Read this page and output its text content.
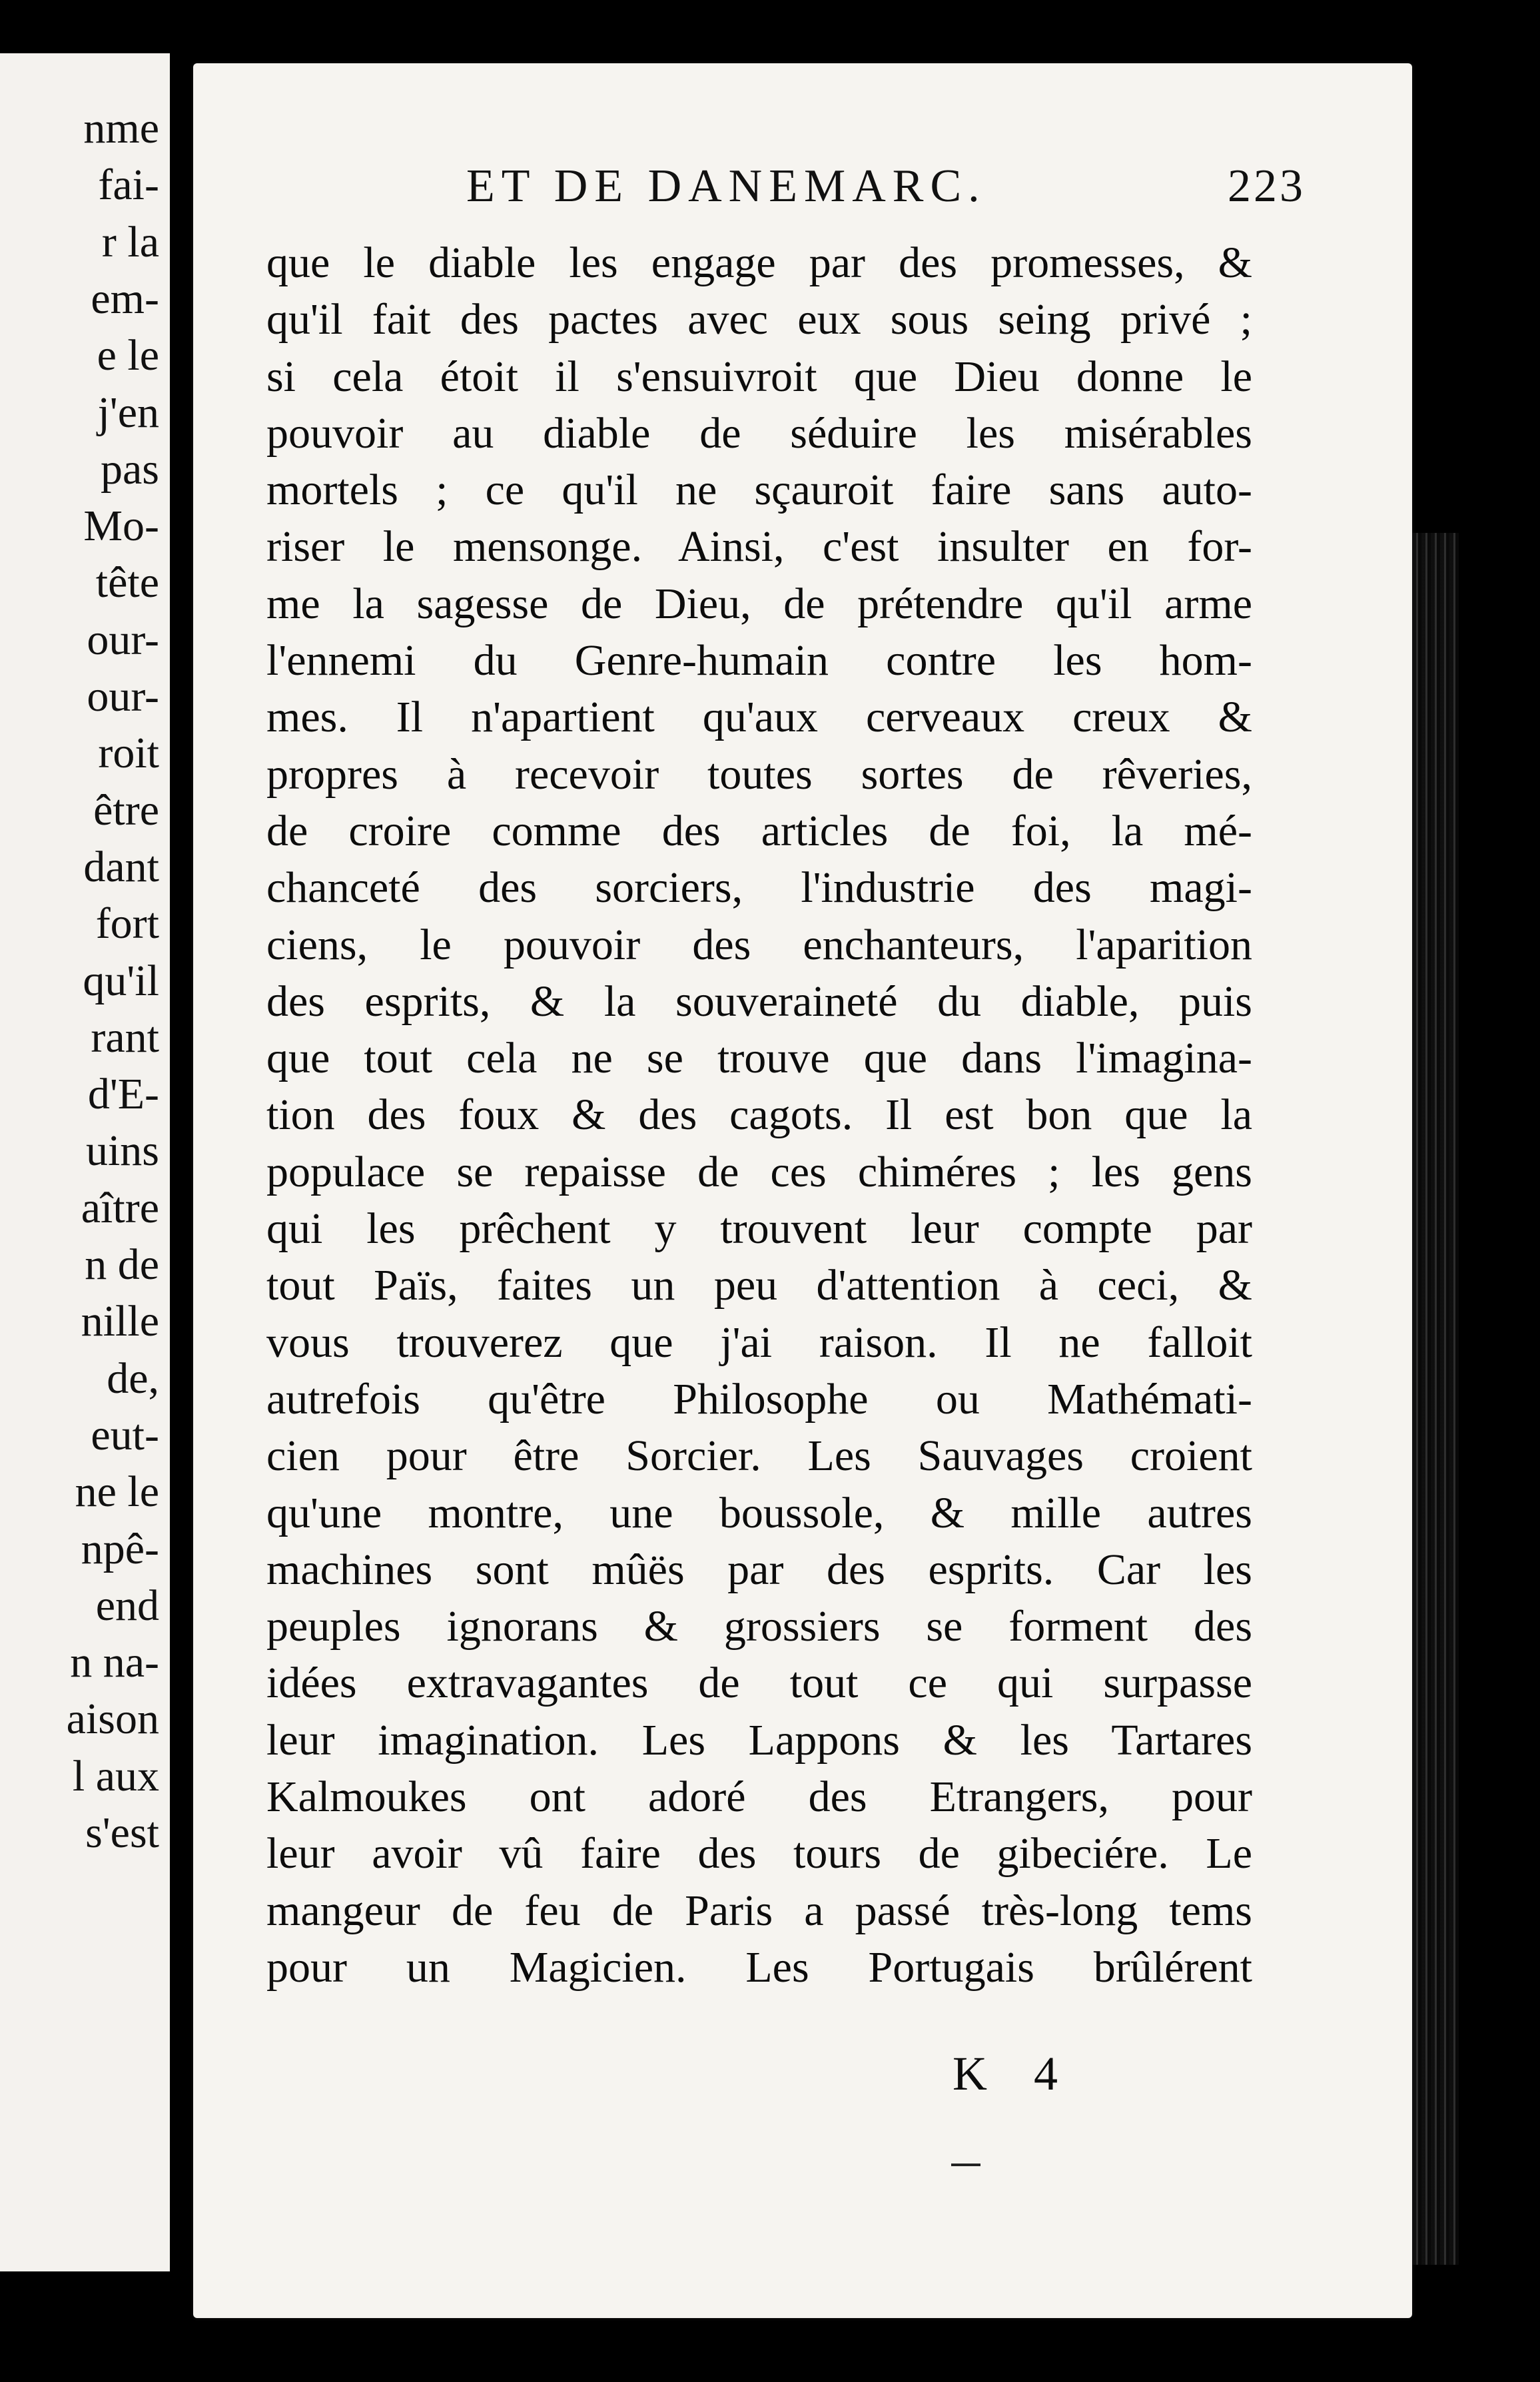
nme
fai-
r la
em-
e le
j'en
pas
Mo-
tête
our-
our-
roit
être
dant
fort
qu'il
rant
d'E-
uins
aître
n de
nille
de,
eut-
ne le
npê-
end
n na-
aison
l aux
s'est
ET DE DANEMARC.	223
que le diable les engage par des promesses, &
qu'il fait des pactes avec eux sous seing privé ;
si cela étoit il s'ensuivroit que Dieu donne le
pouvoir au diable de séduire les misérables
mortels ; ce qu'il ne sçauroit faire sans auto-
riser le mensonge. Ainsi, c'est insulter en for-
me la sagesse de Dieu, de prétendre qu'il arme
l'ennemi du Genre-humain contre les hom-
mes. Il n'apartient qu'aux cerveaux creux &
propres à recevoir toutes sortes de rêveries,
de croire comme des articles de foi, la mé-
chanceté des sorciers, l'industrie des magi-
ciens, le pouvoir des enchanteurs, l'aparition
des esprits, & la souveraineté du diable, puis
que tout cela ne se trouve que dans l'imagina-
tion des foux & des cagots. Il est bon que la
populace se repaisse de ces chiméres ; les gens
qui les prêchent y trouvent leur compte par
tout Païs, faites un peu d'attention à ceci, &
vous trouverez que j'ai raison. Il ne falloit
autrefois qu'être Philosophe ou Mathémati-
cien pour être Sorcier. Les Sauvages croient
qu'une montre, une boussole, & mille autres
machines sont mûës par des esprits. Car les
peuples ignorans & grossiers se forment des
idées extravagantes de tout ce qui surpasse
leur imagination. Les Lappons & les Tartares
Kalmoukes ont adoré des Etrangers, pour
leur avoir vû faire des tours de gibeciére. Le
mangeur de feu de Paris a passé très-long tems
pour un Magicien. Les Portugais brûlérent
K 4
